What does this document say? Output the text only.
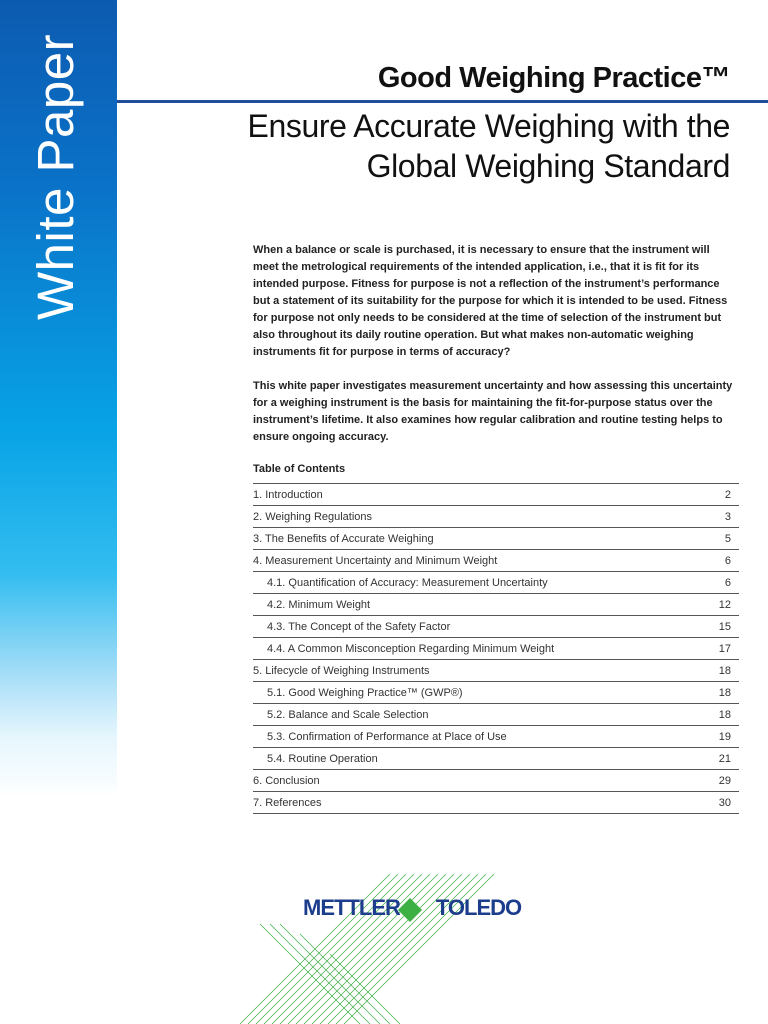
White Paper	Good Weighing Practice™
Ensure Accurate Weighing with the
Global Weighing Standard
When a balance or scale is purchased, it is necessary to ensure that the instrument will meet the metrological requirements of the intended application, i.e., that it is fit for its intended purpose. Fitness for purpose is not a reflection of the instrument’s performance but a statement of its suitability for the purpose for which it is intended to be used. Fitness for purpose not only needs to be considered at the time of selection of the instrument but also throughout its daily routine operation. But what makes non-automatic weighing instruments fit for purpose in terms of accuracy?
This white paper investigates measurement uncertainty and how assessing this uncertainty for a weighing instrument is the basis for maintaining the fit-for-purpose status over the instrument’s lifetime. It also examines how regular calibration and routine testing helps to ensure ongoing accuracy.
Table of Contents
1. Introduction	2
2. Weighing Regulations	3
3. The Benefits of Accurate Weighing	5
4. Measurement Uncertainty and Minimum Weight	6
4.1. Quantification of Accuracy: Measurement Uncertainty	6
4.2. Minimum Weight	12
4.3. The Concept of the Safety Factor	15
4.4. A Common Misconception Regarding Minimum Weight	17
5. Lifecycle of Weighing Instruments	18
5.1. Good Weighing Practice™ (GWP®)	18
5.2. Balance and Scale Selection	18
5.3. Confirmation of Performance at Place of Use	19
5.4. Routine Operation	21
6. Conclusion	29
7. References	30
METTLER TOLEDO
